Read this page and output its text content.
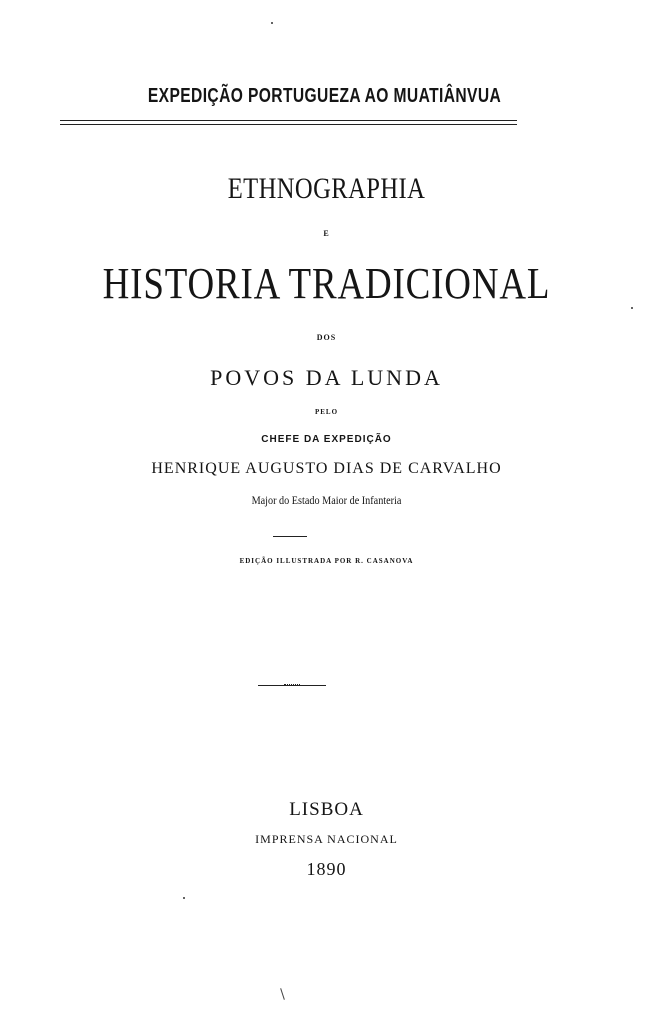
EXPEDIÇÃO PORTUGUEZA AO MUATIÂNVUA
ETHNOGRAPHIA
E
HISTORIA TRADICIONAL
DOS
POVOS DA LUNDA
PELO
CHEFE DA EXPEDIÇÃO
HENRIQUE AUGUSTO DIAS DE CARVALHO
Major do Estado Maior de Infanteria
EDIÇÃO ILLUSTRADA POR R. CASANOVA
LISBOA
IMPRENSA NACIONAL
1890
